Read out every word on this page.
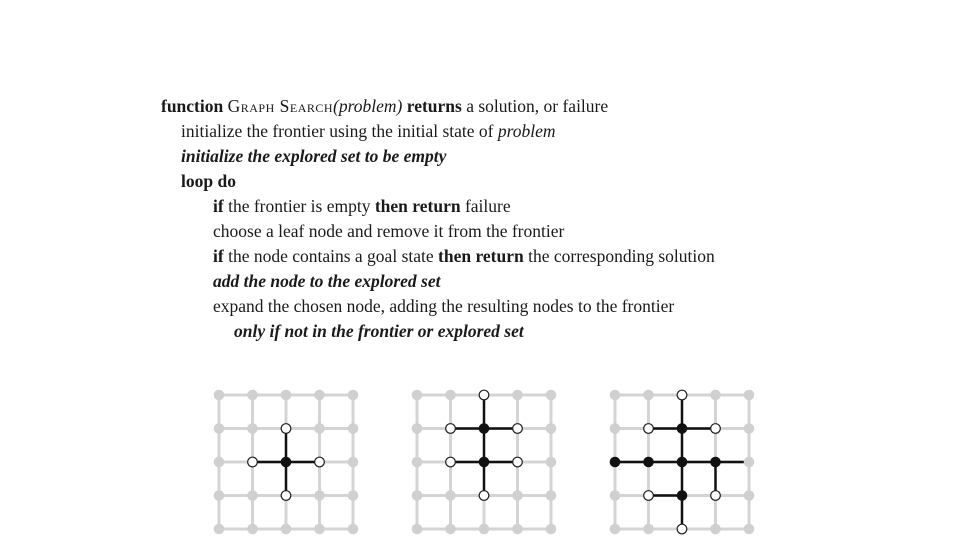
function Graph Search(problem) returns a solution, or failure
initialize the frontier using the initial state of problem
initialize the explored set to be empty
loop do
if the frontier is empty then return failure
choose a leaf node and remove it from the frontier
if the node contains a goal state then return the corresponding solution
add the node to the explored set
expand the chosen node, adding the resulting nodes to the frontier
only if not in the frontier or explored set
